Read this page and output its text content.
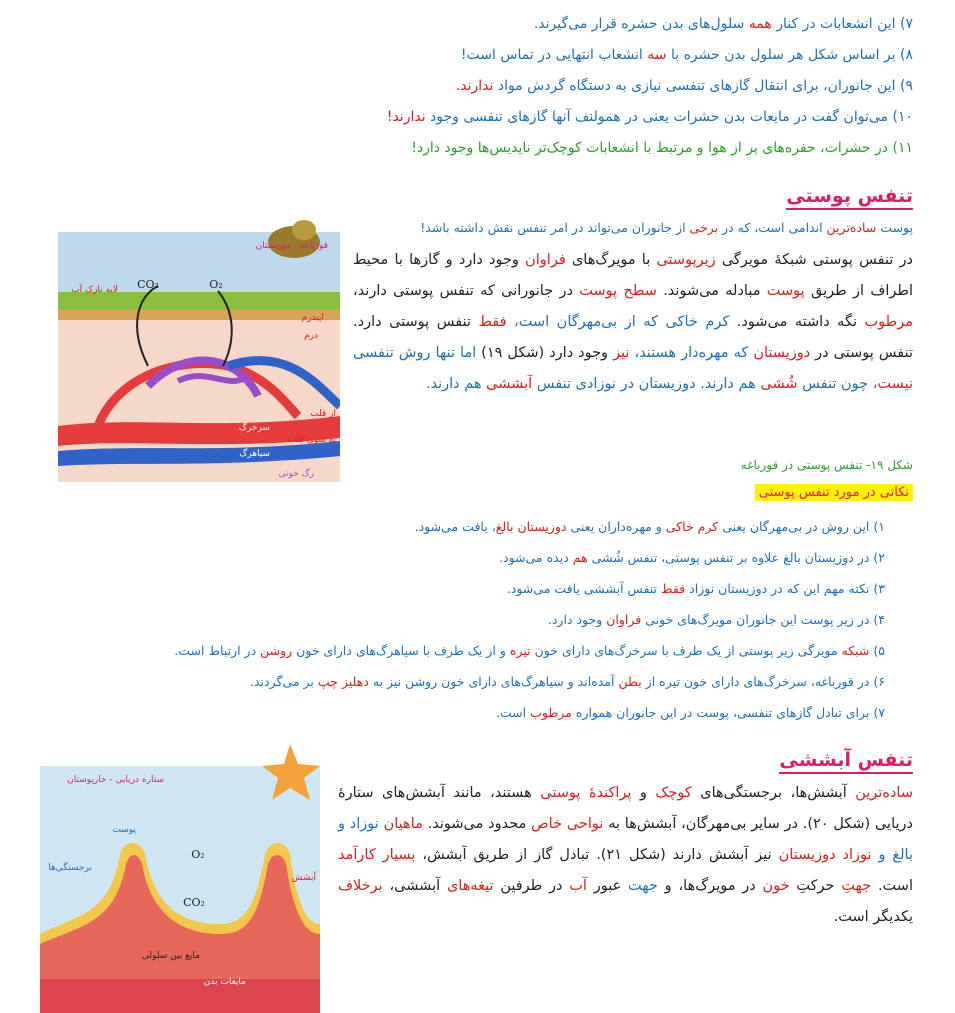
۷) این انشعابات در کنار همه سلول‌های بدن حشره قرار می‌گیرند.
۸) بر اساس شکل هر سلول بدن حشره با سه انشعاب انتهایی در تماس است!
۹) این جانوران، برای انتقال گازهای تنفسی نیازی به دستگاه گردش مواد ندارند.
۱۰) می‌توان گفت در مایعات بدن حشرات یعنی در همولنف آنها گازهای تنفسی وجود ندارند!
۱۱) در حشرات، حفره‌های پر از هوا و مرتبط با انشعابات کوچک‌تر نایدیس‌ها وجود دارد!
تنفس پوستی
قورباغه - دوزیستان
لایه نازک آب CO₂	O₂
اپیدرم
درم
از قلب
سرخرگ
به سوی قلب
سیاهرگ
رگ خونی
پوست ساده‌ترین اندامی است، که در برخی از جانوران می‌تواند در امر تنفس نقش داشته باشد!
در تنفس پوستی شبکهٔ مویرگی زیرپوستی با مویرگ‌های فراوان وجود دارد و گازها با محیط اطراف از طریق پوست مبادله می‌شوند. سطح پوست در جانورانی که تنفس پوستی دارند، مرطوب نگه داشته می‌شود. کرم خاکی که از بی‌مهرگان است، فقط تنفس پوستی دارد. تنفس پوستی در دوزیستان که مهره‌دار هستند، نیز وجود دارد (شکل ۱۹) اما تنها روش تنفسی نیست، چون تنفس شُشی هم دارند. دوزیستان در نوزادی تنفس آبششی هم دارند.
شکل ۱۹- تنفس پوستی در قورباغه
نکاتی در مورد تنفس پوستی
۱) این روش در بی‌مهرگان یعنی کرم خاکی و مهره‌داران یعنی دوزیستان بالغ، یافت می‌شود.
۲) در دوزیستان بالغ علاوه بر تنفس پوستی، تنفس شُشی هم دیده می‌شود.
۳) نکته مهم این که در دوزیستان نوزاد فقط تنفس آبششی یافت می‌شود.
۴) در زیر پوست این جانوران مویرگ‌های خونی فراوان وجود دارد.
۵) شبکه مویرگی زیر پوستی از یک طرف با سرخرگ‌های دارای خون تیره و از یک طرف با سیاهرگ‌های دارای خون روشن در ارتباط است.
۶) در قورباغه، سرخرگ‌های دارای خون تیره از بطن آمده‌اند و سیاهرگ‌های دارای خون روشن نیز به دهلیز چپ بر می‌گردند.
۷) برای تبادل گازهای تنفسی، پوست در این جانوران همواره مرطوب است.
تنفس آبششی
ستاره دریایی - خارپوستان
پوست
برجستگی‌ها
O₂
CO₂
آبشش
مایع بین سلولی
مایعات بدن
ساده‌ترین آبشش‌ها، برجستگی‌های کوچک و پراکندهٔ پوستی هستند، مانند آبشش‌های ستارهٔ دریایی (شکل ۲۰). در سایر بی‌مهرگان، آبشش‌ها به نواحی خاص محدود می‌شوند. ماهیان نوزاد و بالغ و نوزاد دوزیستان نیز آبشش دارند (شکل ۲۱). تبادل گاز از طریق آبشش، بسیار کارآمد است. جهتِ حرکتِ خون در مویرگ‌ها، و جهت عبور آب در طرفین تیغه‌های آبششی، برخلاف یکدیگر است.
